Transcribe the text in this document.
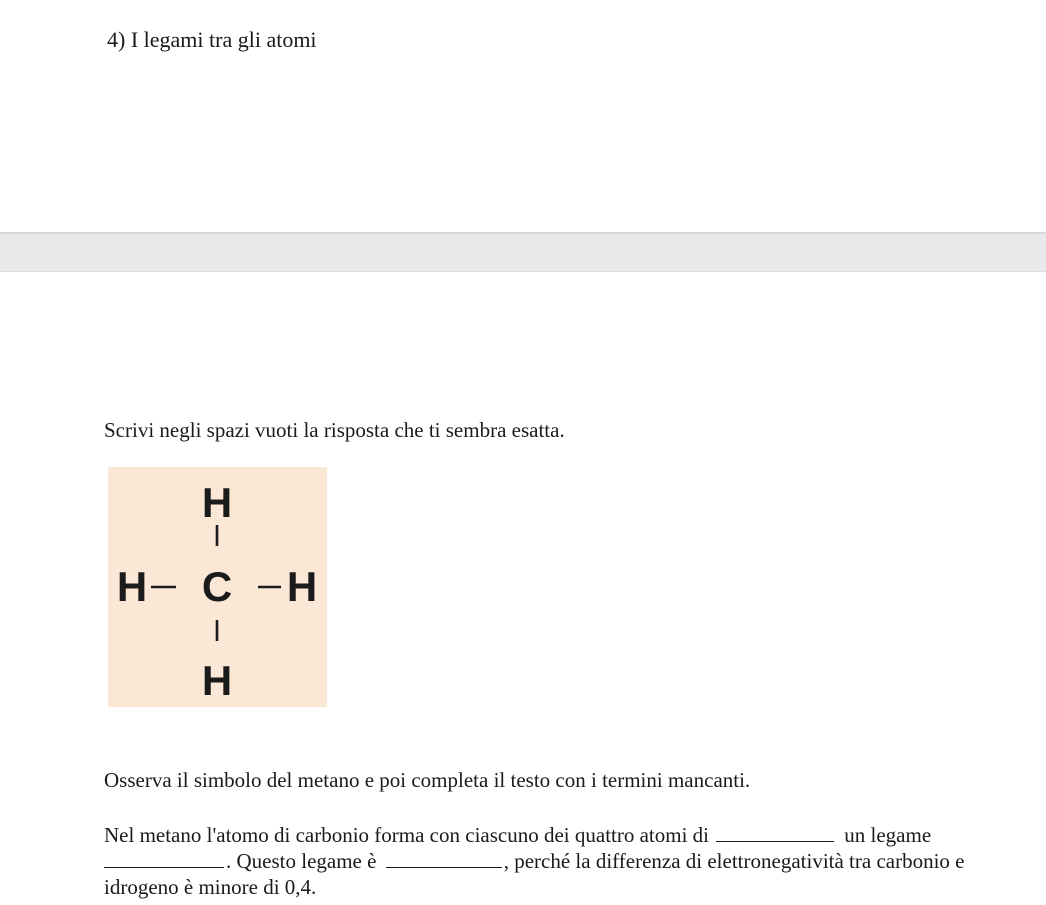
4) I legami tra gli atomi
Scrivi negli spazi vuoti la risposta che ti sembra esatta.
H
H C H
H
Osserva il simbolo del metano e poi completa il testo con i termini mancanti.
Nel metano l'atomo di carbonio forma con ciascuno dei quattro atomi di	un legame
. Questo legame è	, perché la differenza di elettronegatività tra carbonio e
idrogeno è minore di 0,4.
